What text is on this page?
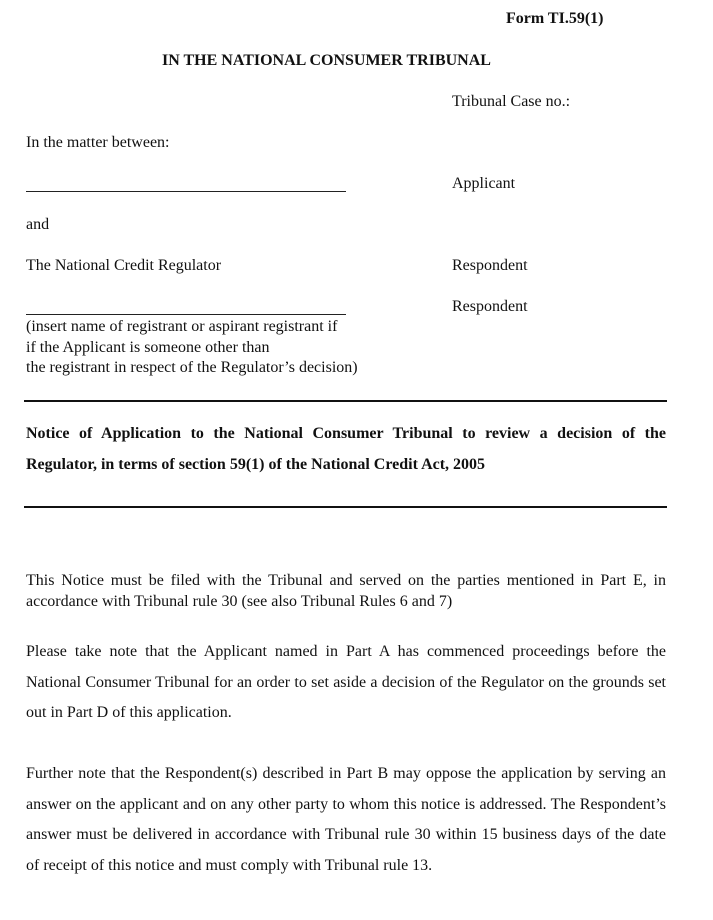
Form TI.59(1)
IN THE NATIONAL CONSUMER TRIBUNAL
Tribunal Case no.:
In the matter between:
Applicant
and
The National Credit Regulator	Respondent
Respondent
(insert name of registrant or aspirant registrant if
if the Applicant is someone other than
the registrant in respect of the Regulator’s decision)
Notice of Application to the National Consumer Tribunal to review a decision of the Regulator, in terms of section 59(1) of the National Credit Act, 2005
This Notice must be filed with the Tribunal and served on the parties mentioned in Part E, in accordance with Tribunal rule 30 (see also Tribunal Rules 6 and 7)
Please take note that the Applicant named in Part A has commenced proceedings before the National Consumer Tribunal for an order to set aside a decision of the Regulator on the grounds set out in Part D of this application.
Further note that the Respondent(s) described in Part B may oppose the application by serving an answer on the applicant and on any other party to whom this notice is addressed. The Respondent’s answer must be delivered in accordance with Tribunal rule 30 within 15 business days of the date of receipt of this notice and must comply with Tribunal rule 13.
